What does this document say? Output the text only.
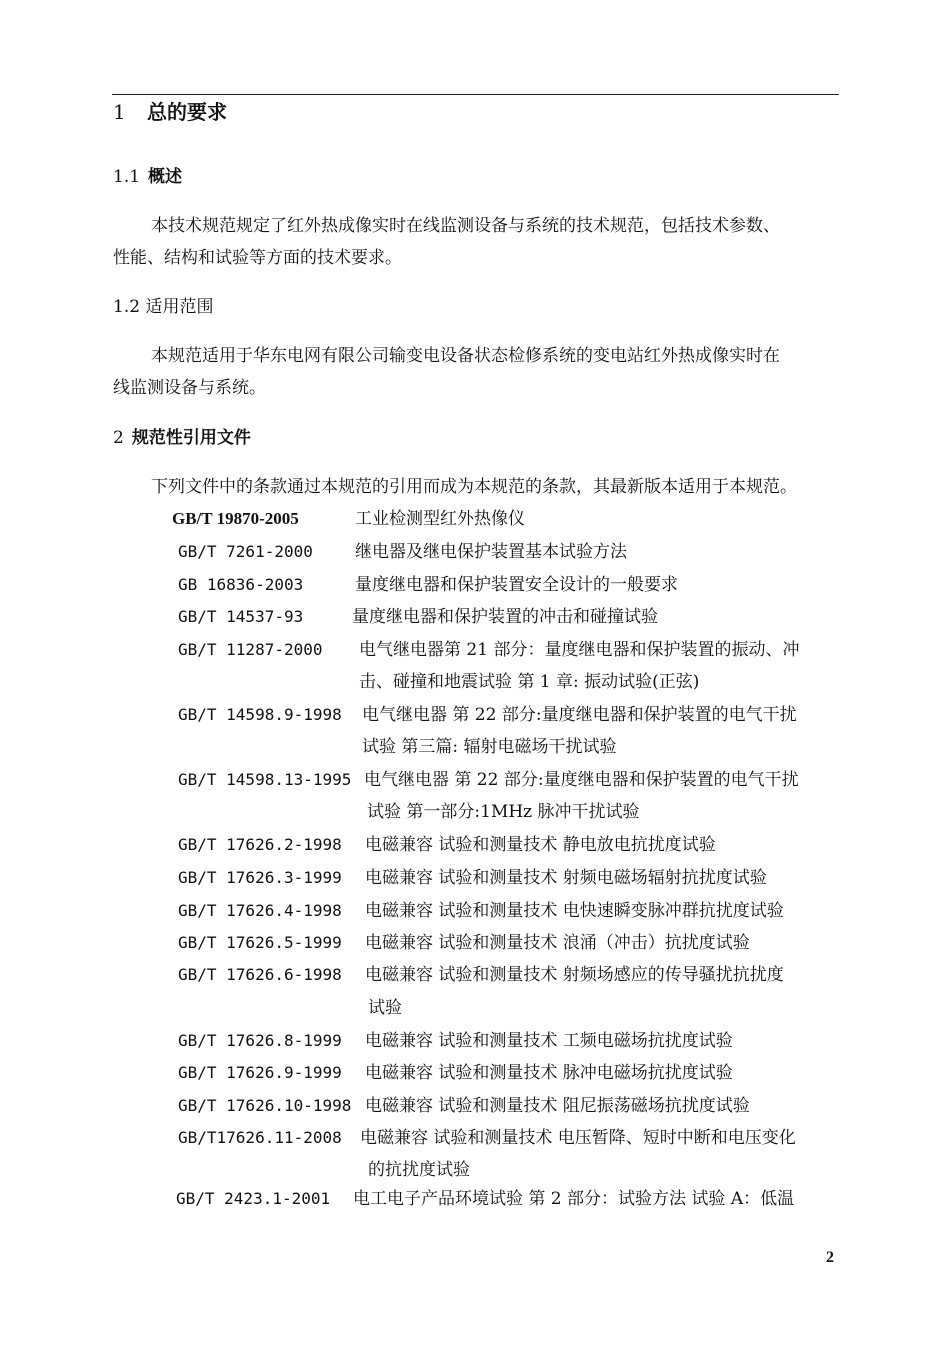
1 总的要求
1.1 概述
本技术规范规定了红外热成像实时在线监测设备与系统的技术规范，包括技术参数、
性能、结构和试验等方面的技术要求。
1.2 适用范围
本规范适用于华东电网有限公司输变电设备状态检修系统的变电站红外热成像实时在
线监测设备与系统。
2 规范性引用文件
下列文件中的条款通过本规范的引用而成为本规范的条款，其最新版本适用于本规范。
GB/T 19870-2005	工业检测型红外热像仪
GB/T 7261-2000 继电器及继电保护装置基本试验方法
GB 16836-2003	量度继电器和保护装置安全设计的一般要求
GB/T 14537-93	量度继电器和保护装置的冲击和碰撞试验
GB/T 11287-2000 电气继电器第 21 部分：量度继电器和保护装置的振动、冲
击、碰撞和地震试验 第 1 章: 振动试验(正弦)
GB/T 14598.9-1998 电气继电器 第 22 部分:量度继电器和保护装置的电气干扰
试验 第三篇: 辐射电磁场干扰试验
GB/T 14598.13-1995 电气继电器 第 22 部分:量度继电器和保护装置的电气干扰
试验 第一部分:1MHz 脉冲干扰试验
GB/T 17626.2-1998 电磁兼容 试验和测量技术 静电放电抗扰度试验
GB/T 17626.3-1999 电磁兼容 试验和测量技术 射频电磁场辐射抗扰度试验
GB/T 17626.4-1998 电磁兼容 试验和测量技术 电快速瞬变脉冲群抗扰度试验
GB/T 17626.5-1999 电磁兼容 试验和测量技术 浪涌（冲击）抗扰度试验
GB/T 17626.6-1998 电磁兼容 试验和测量技术 射频场感应的传导骚扰抗扰度
试验
GB/T 17626.8-1999 电磁兼容 试验和测量技术 工频电磁场抗扰度试验
GB/T 17626.9-1999 电磁兼容 试验和测量技术 脉冲电磁场抗扰度试验
GB/T 17626.10-1998 电磁兼容 试验和测量技术 阻尼振荡磁场抗扰度试验
GB/T17626.11-2008 电磁兼容 试验和测量技术 电压暂降、短时中断和电压变化
的抗扰度试验
GB/T 2423.1-2001 电工电子产品环境试验 第 2 部分：试验方法 试验 A：低温
2
